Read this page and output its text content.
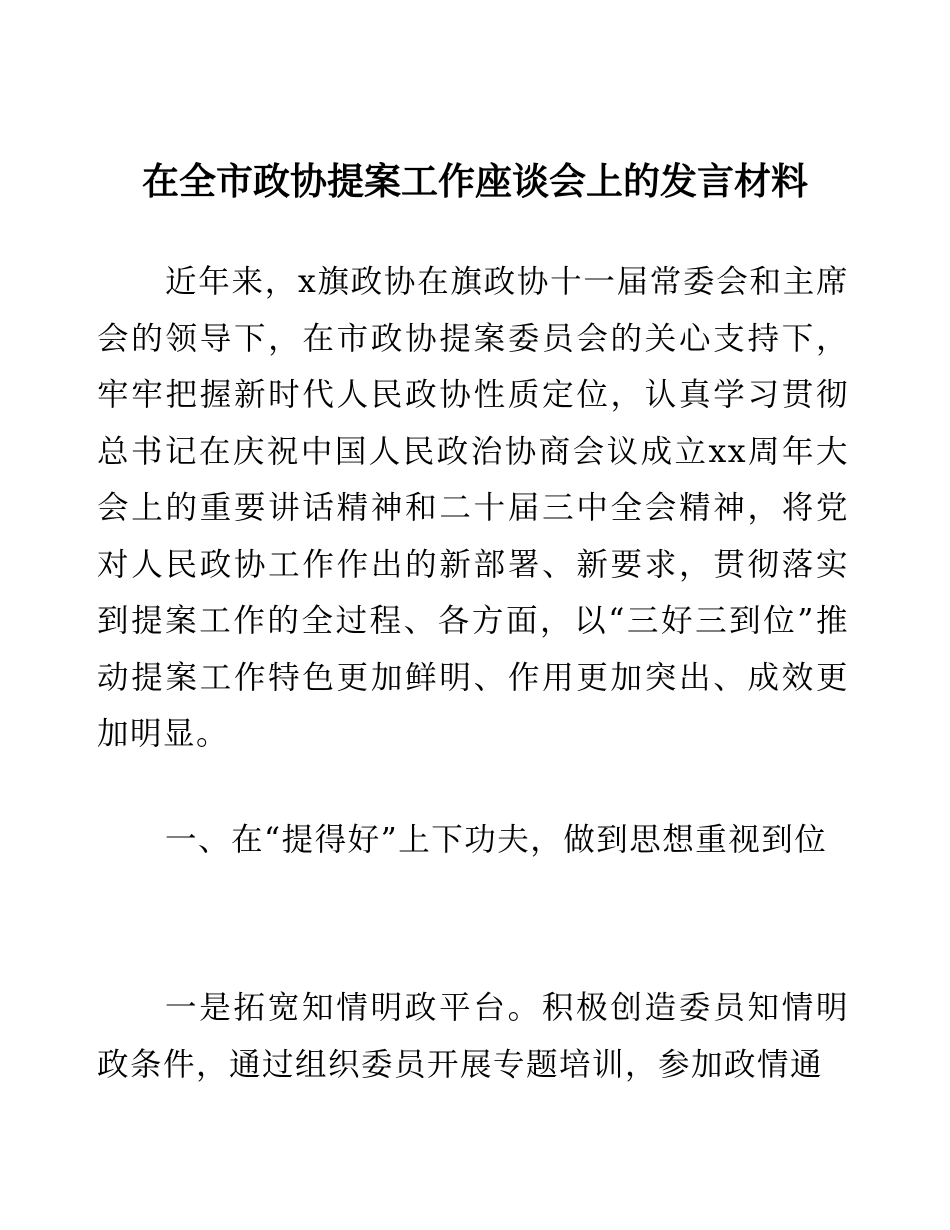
在全市政协提案工作座谈会上的发言材料
近年来，x旗政协在旗政协十一届常委会和主席会的领导下，在市政协提案委员会的关心支持下，牢牢把握新时代人民政协性质定位，认真学习贯彻总书记在庆祝中国人民政治协商会议成立xx周年大会上的重要讲话精神和二十届三中全会精神，将党对人民政协工作作出的新部署、新要求，贯彻落实到提案工作的全过程、各方面，以“三好三到位”推动提案工作特色更加鲜明、作用更加突出、成效更加明显。
一、在“提得好”上下功夫，做到思想重视到位
一是拓宽知情明政平台。积极创造委员知情明政条件，通过组织委员开展专题培训，参加政情通
